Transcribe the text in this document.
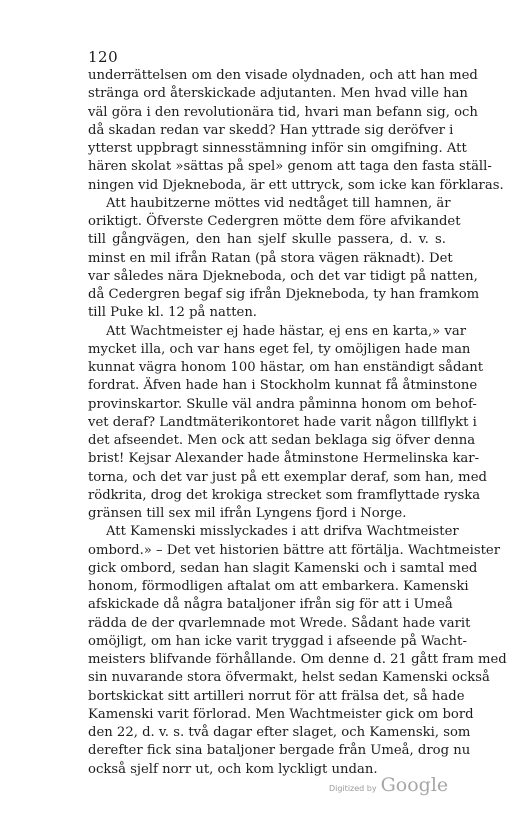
120
underrättelsen om den visade olydnaden, och att han med
stränga ord återskickade adjutanten. Men hvad ville han
väl göra i den revolutionära tid, hvari man befann sig, och
då skadan redan var skedd? Han yttrade sig deröfver i
ytterst uppbragt sinnesstämning inför sin omgifning. Att
hären skolat »sättas på spel» genom att taga den fasta ställ-
ningen vid Djekneboda, är ett uttryck, som icke kan förklaras.
Att haubitzerne möttes vid nedtåget till hamnen, är
oriktigt. Öfverste Cedergren mötte dem före afvikandet
till gångvägen, den han sjelf skulle passera, d. v. s.
minst en mil ifrån Ratan (på stora vägen räknadt). Det
var således nära Djekneboda, och det var tidigt på natten,
då Cedergren begaf sig ifrån Djekneboda, ty han framkom
till Puke kl. 12 på natten.
Att Wachtmeister ej hade hästar, ej ens en karta,» var
mycket illa, och var hans eget fel, ty omöjligen hade man
kunnat vägra honom 100 hästar, om han enständigt sådant
fordrat. Äfven hade han i Stockholm kunnat få åtminstone
provinskartor. Skulle väl andra påminna honom om behof-
vet deraf? Landtmäterikontoret hade varit någon tillflykt i
det afseendet. Men ock att sedan beklaga sig öfver denna
brist! Kejsar Alexander hade åtminstone Hermelinska kar-
torna, och det var just på ett exemplar deraf, som han, med
rödkrita, drog det krokiga strecket som framflyttade ryska
gränsen till sex mil ifrån Lyngens fjord i Norge.
Att Kamenski misslyckades i att drifva Wachtmeister
ombord.» – Det vet historien bättre att förtälja. Wachtmeister
gick ombord, sedan han slagit Kamenski och i samtal med
honom, förmodligen aftalat om att embarkera. Kamenski
afskickade då några bataljoner ifrån sig för att i Umeå
rädda de der qvarlemnade mot Wrede. Sådant hade varit
omöjligt, om han icke varit tryggad i afseende på Wacht-
meisters blifvande förhållande. Om denne d. 21 gått fram med
sin nuvarande stora öfvermakt, helst sedan Kamenski också
bortskickat sitt artilleri norrut för att frälsa det, så hade
Kamenski varit förlorad. Men Wachtmeister gick om bord
den 22, d. v. s. två dagar efter slaget, och Kamenski, som
derefter fick sina bataljoner bergade från Umeå, drog nu
också sjelf norr ut, och kom lyckligt undan.
Digitized by Google
